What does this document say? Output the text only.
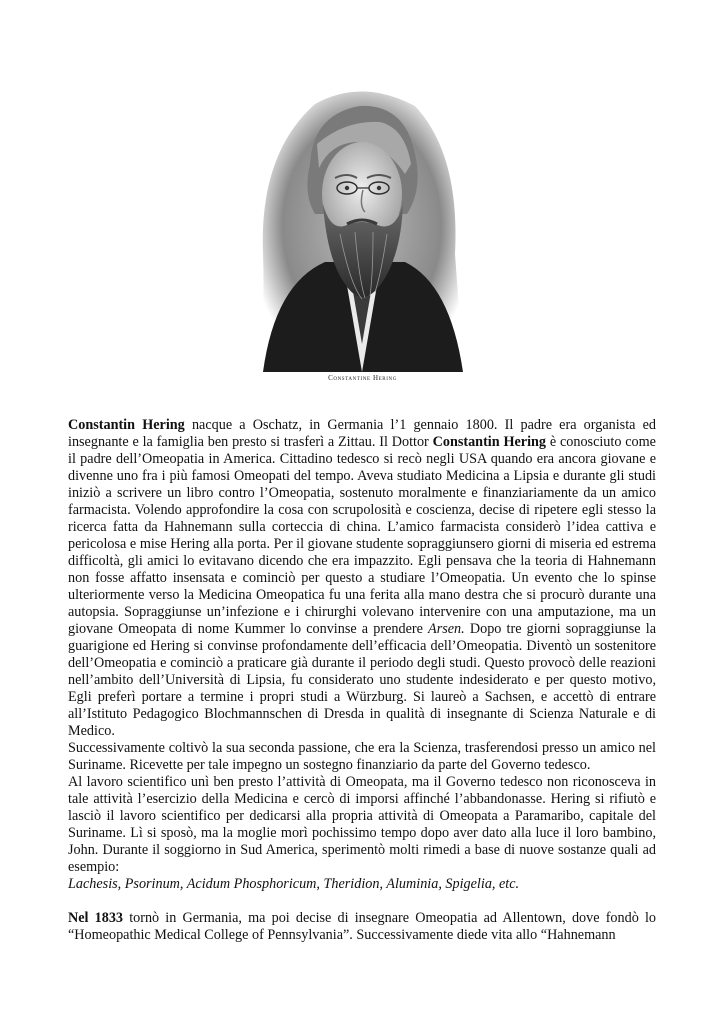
Constantine Hering

Constantin Hering nacque a Oschatz, in Germania l’1 gennaio 1800. Il padre era organista ed insegnante e la famiglia ben presto si trasferì a Zittau. Il Dottor Constantin Hering è conosciuto come il padre dell’Omeopatia in America. Cittadino tedesco si recò negli USA quando era ancora giovane e divenne uno fra i più famosi Omeopati del tempo. Aveva studiato Medicina a Lipsia e durante gli studi iniziò a scrivere un libro contro l’Omeopatia, sostenuto moralmente e finanziariamente da un amico farmacista. Volendo approfondire la cosa con scrupolosità e coscienza, decise di ripetere egli stesso la ricerca fatta da Hahnemann sulla corteccia di china. L’amico farmacista considerò l’idea cattiva e pericolosa e mise Hering alla porta. Per il giovane studente sopraggiunsero giorni di miseria ed estrema difficoltà, gli amici lo evitavano dicendo che era impazzito. Egli pensava che la teoria di Hahnemann non fosse affatto insensata e cominciò per questo a studiare l’Omeopatia. Un evento che lo spinse ulteriormente verso la Medicina Omeopatica fu una ferita alla mano destra che si procurò durante una autopsia. Sopraggiunse un’infezione e i chirurghi volevano intervenire con una amputazione, ma un giovane Omeopata di nome Kummer lo convinse a prendere Arsen. Dopo tre giorni sopraggiunse la guarigione ed Hering si convinse profondamente dell’efficacia dell’Omeopatia. Diventò un sostenitore dell’Omeopatia e cominciò a praticare già durante il periodo degli studi. Questo provocò delle reazioni nell’ambito dell’Università di Lipsia, fu considerato uno studente indesiderato e per questo motivo, Egli preferì portare a termine i propri studi a Würzburg. Si laureò a Sachsen, e accettò di entrare all’Istituto Pedagogico Blochmannschen di Dresda in qualità di insegnante di Scienza Naturale e di Medico.

Successivamente coltivò la sua seconda passione, che era la Scienza, trasferendosi presso un amico nel Suriname. Ricevette per tale impegno un sostegno finanziario da parte del Governo tedesco.

Al lavoro scientifico unì ben presto l’attività di Omeopata, ma il Governo tedesco non riconosceva in tale attività l’esercizio della Medicina e cercò di imporsi affinché l’abbandonasse. Hering si rifiutò e lasciò il lavoro scientifico per dedicarsi alla propria attività di Omeopata a Paramaribo, capitale del Suriname. Lì si sposò, ma la moglie morì pochissimo tempo dopo aver dato alla luce il loro bambino, John. Durante il soggiorno in Sud America, sperimentò molti rimedi a base di nuove sostanze quali ad esempio:

Lachesis, Psorinum, Acidum Phosphoricum, Theridion, Aluminia, Spigelia, etc.

Nel 1833 tornò in Germania, ma poi decise di insegnare Omeopatia ad Allentown, dove fondò lo “Homeopathic Medical College of Pennsylvania”. Successivamente diede vita allo “Hahnemann
